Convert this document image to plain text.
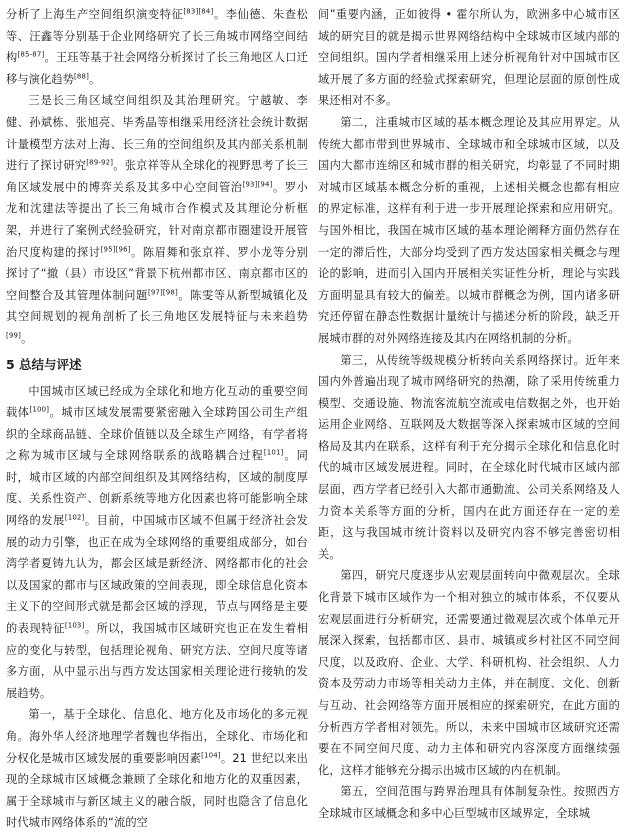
分析了上海生产空间组织演变特征[83][84]。李仙德、朱查松等、汪鑫等分别基于企业网络研究了长三角城市网络空间结构[85-87]。王珏等基于社会网络分析探讨了长三角地区人口迁移与演化趋势[88]。

三是长三角区域空间组织及其治理研究。宁越敏、李健、孙斌栋、张旭亮、毕秀晶等相继采用经济社会统计数据计量模型方法对上海、长三角的空间组织及其内部关系机制进行了探讨研究[89-92]。张京祥等从全球化的视野思考了长三角区域发展中的博弈关系及其多中心空间管治[93][94]。罗小龙和沈建法等提出了长三角城市合作模式及其理论分析框架，并进行了案例式经验研究，针对南京都市圈建设开展管治尺度构建的探讨[95][96]。陈眉舞和张京祥、罗小龙等分别探讨了“撤（县）市设区”背景下杭州都市区、南京都市区的空间整合及其管理体制问题[97][98]。陈雯等从新型城镇化及其空间规划的视角剖析了长三角地区发展特征与未来趋势[99]。

5 总结与评述

中国城市区域已经成为全球化和地方化互动的重要空间载体[100]。城市区域发展需要紧密融入全球跨国公司生产组织的全球商品链、全球价值链以及全球生产网络，有学者将之称为城市区域与全球网络联系的战略耦合过程[101]。同时，城市区域的内部空间组织及其网络结构，区域的制度厚度、关系性资产、创新系统等地方化因素也将可能影响全球网络的发展[102]。目前，中国城市区域不但属于经济社会发展的动力引擎，也正在成为全球网络的重要组成部分，如台湾学者夏铸九认为，都会区域是新经济、网络都市化的社会以及国家的都市与区域政策的空间表现，即全球信息化资本主义下的空间形式就是都会区域的浮现，节点与网络是主要的表现特征[103]。所以，我国城市区域研究也正在发生着相应的变化与转型，包括理论视角、研究方法、空间尺度等诸多方面，从中显示出与西方发达国家相关理论进行接轨的发展趋势。

第一，基于全球化、信息化、地方化及市场化的多元视角。海外华人经济地理学者魏也华指出，全球化、市场化和分权化是城市区域发展的重要影响因素[104]。21 世纪以来出现的全球城市区域概念兼顾了全球化和地方化的双重因素，属于全球城市与新区域主义的融合版，同时也隐含了信息化时代城市网络体系的“流的空

间”重要内涵，正如彼得 • 霍尔所认为，欧洲多中心城市区域的研究目的就是揭示世界网络结构中全球城市区域内部的空间组织。国内学者相继采用上述分析视角针对中国城市区域开展了多方面的经验式探索研究，但理论层面的原创性成果还相对不多。

第二，注重城市区域的基本概念理论及其应用界定。从传统大都市带到世界城市、全球城市和全球城市区域，以及国内大都市连绵区和城市群的相关研究，均彰显了不同时期对城市区域基本概念分析的重视，上述相关概念也都有相应的界定标准，这样有利于进一步开展理论探索和应用研究。与国外相比，我国在城市区域的基本理论阐释方面仍然存在一定的滞后性，大部分均受到了西方发达国家相关概念与理论的影响，进而引入国内开展相关实证性分析，理论与实践方面明显具有较大的偏差。以城市群概念为例，国内诸多研究还停留在静态性数据计量统计与描述分析的阶段，缺乏开展城市群的对外网络连接及其内在网络机制的分析。

第三，从传统等级规模分析转向关系网络探讨。近年来国内外普遍出现了城市网络研究的热潮，除了采用传统重力模型、交通设施、物流客流航空流或电信数据之外，也开始运用企业网络、互联网及大数据等深入探索城市区域的空间格局及其内在联系，这样有利于充分揭示全球化和信息化时代的城市区域发展进程。同时，在全球化时代城市区域内部层面，西方学者已经引入大都市通勤流、公司关系网络及人力资本关系等方面的分析，国内在此方面还存在一定的差距，这与我国城市统计资料以及研究内容不够完善密切相关。

第四，研究尺度逐步从宏观层面转向中微观层次。全球化背景下城市区域作为一个相对独立的城市体系，不仅要从宏观层面进行分析研究，还需要通过微观层次或个体单元开展深入探索，包括都市区、县市、城镇或乡村社区不同空间尺度，以及政府、企业、大学、科研机构、社会组织、人力资本及劳动力市场等相关动力主体，并在制度、文化、创新与互动、社会网络等方面开展相应的探索研究，在此方面的分析西方学者相对领先。所以，未来中国城市区域研究还需要在不同空间尺度、动力主体和研究内容深度方面继续强化，这样才能够充分揭示出城市区域的内在机制。

第五，空间范围与跨界治理具有体制复杂性。按照西方全球城市区域概念和多中心巨型城市区域界定，全球城
